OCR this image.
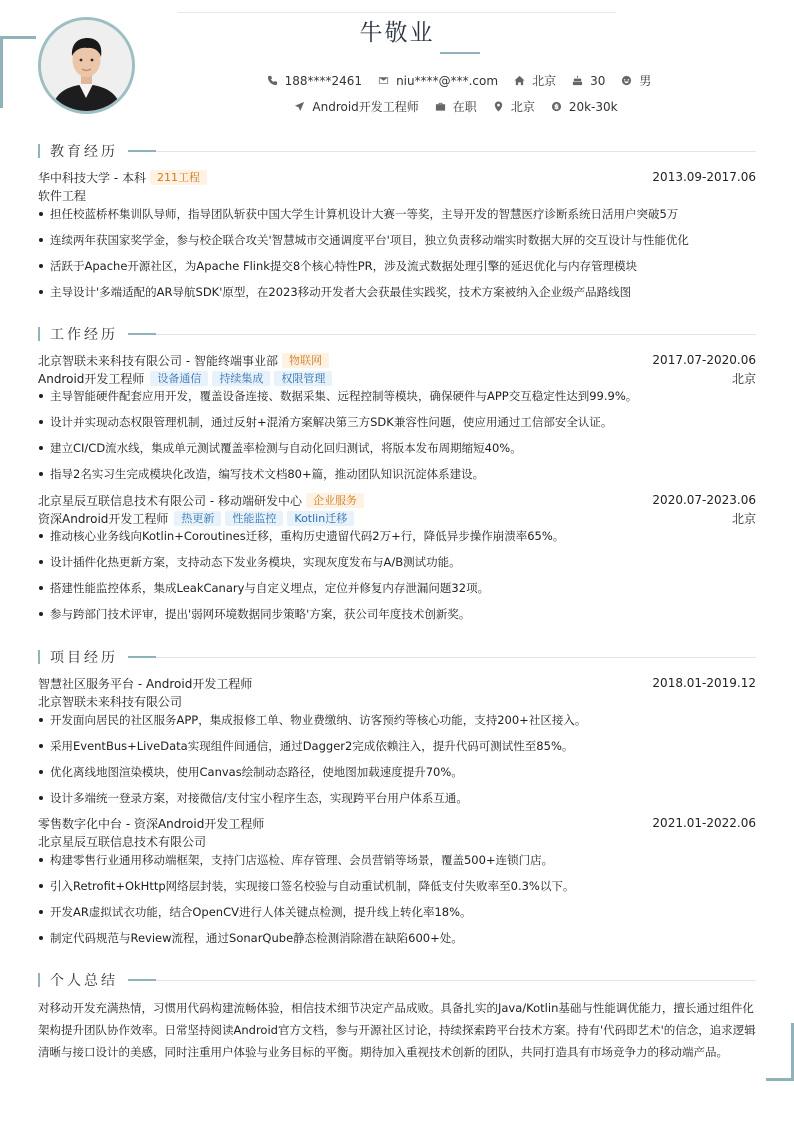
牛敬业
188****2461	niu****@***.com	北京	30	男
Android开发工程师	在职	北京	20k-30k
教育经历
华中科技大学 - 本科	211工程	2013.09-2017.06
软件工程
担任校蓝桥杯集训队导师，指导团队斩获中国大学生计算机设计大赛一等奖，主导开发的智慧医疗诊断系统日活用户突破5万
连续两年获国家奖学金，参与校企联合攻关'智慧城市交通调度平台'项目，独立负责移动端实时数据大屏的交互设计与性能优化
活跃于Apache开源社区，为Apache Flink提交8个核心特性PR，涉及流式数据处理引擎的延迟优化与内存管理模块
主导设计'多端适配的AR导航SDK'原型，在2023移动开发者大会获最佳实践奖，技术方案被纳入企业级产品路线图
工作经历
北京智联未来科技有限公司 - 智能终端事业部	物联网	2017.07-2020.06
Android开发工程师	设备通信	持续集成	权限管理	北京
主导智能硬件配套应用开发，覆盖设备连接、数据采集、远程控制等模块，确保硬件与APP交互稳定性达到99.9%。
设计并实现动态权限管理机制，通过反射+混淆方案解决第三方SDK兼容性问题，使应用通过工信部安全认证。
建立CI/CD流水线，集成单元测试覆盖率检测与自动化回归测试，将版本发布周期缩短40%。
指导2名实习生完成模块化改造，编写技术文档80+篇，推动团队知识沉淀体系建设。
北京星辰互联信息技术有限公司 - 移动端研发中心	企业服务	2020.07-2023.06
资深Android开发工程师	热更新	性能监控	Kotlin迁移	北京
推动核心业务线向Kotlin+Coroutines迁移，重构历史遗留代码2万+行，降低异步操作崩溃率65%。
设计插件化热更新方案，支持动态下发业务模块，实现灰度发布与A/B测试功能。
搭建性能监控体系，集成LeakCanary与自定义埋点，定位并修复内存泄漏问题32项。
参与跨部门技术评审，提出'弱网环境数据同步策略'方案，获公司年度技术创新奖。
项目经历
智慧社区服务平台 - Android开发工程师	2018.01-2019.12
北京智联未来科技有限公司
开发面向居民的社区服务APP，集成报修工单、物业费缴纳、访客预约等核心功能，支持200+社区接入。
采用EventBus+LiveData实现组件间通信，通过Dagger2完成依赖注入，提升代码可测试性至85%。
优化离线地图渲染模块，使用Canvas绘制动态路径，使地图加载速度提升70%。
设计多端统一登录方案，对接微信/支付宝小程序生态，实现跨平台用户体系互通。
零售数字化中台 - 资深Android开发工程师	2021.01-2022.06
北京星辰互联信息技术有限公司
构建零售行业通用移动端框架，支持门店巡检、库存管理、会员营销等场景，覆盖500+连锁门店。
引入Retrofit+OkHttp网络层封装，实现接口签名校验与自动重试机制，降低支付失败率至0.3%以下。
开发AR虚拟试衣功能，结合OpenCV进行人体关键点检测，提升线上转化率18%。
制定代码规范与Review流程，通过SonarQube静态检测消除潜在缺陷600+处。
个人总结
对移动开发充满热情，习惯用代码构建流畅体验，相信技术细节决定产品成败。具备扎实的Java/Kotlin基础与性能调优能力，擅长通过组件化架构提升团队协作效率。日常坚持阅读Android官方文档，参与开源社区讨论，持续探索跨平台技术方案。持有'代码即艺术'的信念，追求逻辑清晰与接口设计的美感，同时注重用户体验与业务目标的平衡。期待加入重视技术创新的团队，共同打造具有市场竞争力的移动端产品。
